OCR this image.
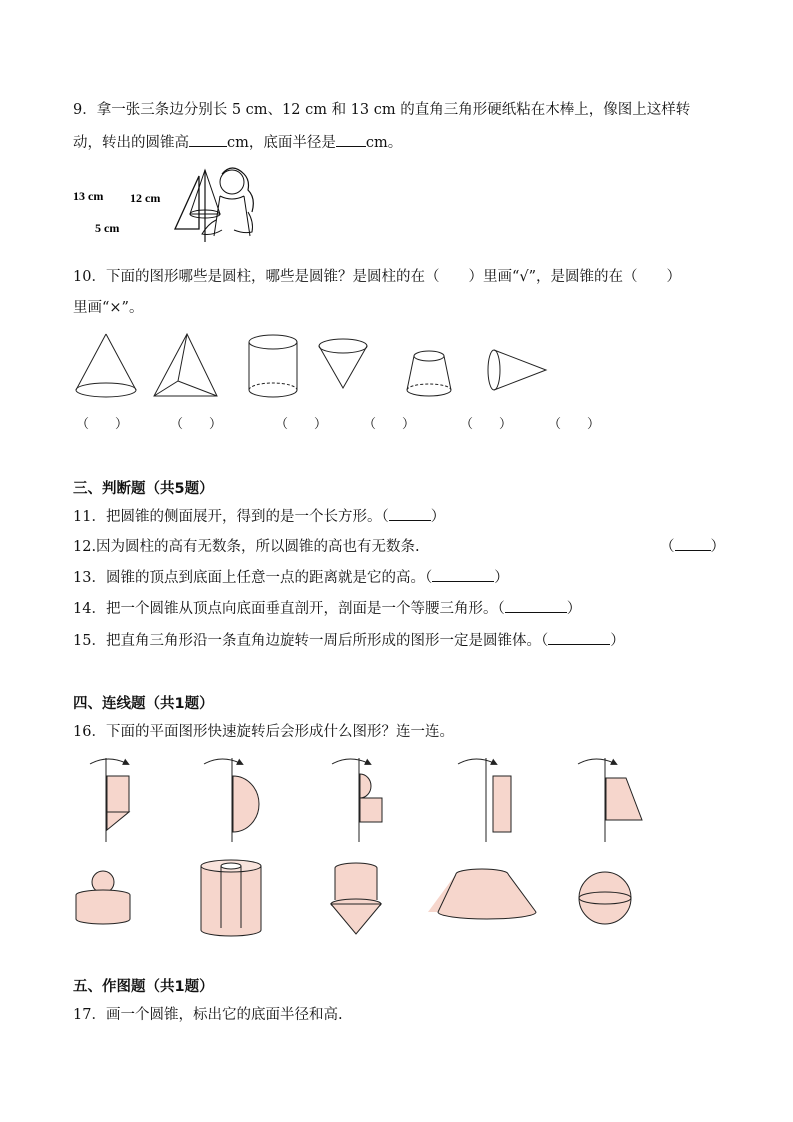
9．拿一张三条边分别长 5 cm、12 cm 和 13 cm 的直角三角形硬纸粘在木棒上，像图上这样转
动，转出的圆锥高	cm，底面半径是 cm。
13 cm 12 cm
5 cm
10．下面的图形哪些是圆柱，哪些是圆锥？是圆柱的在（　　）里画“√”，是圆锥的在（　　）
里画“×”。
（　　）	（　　）	（　　）	（　　）	（　　）	（　　）
三、判断题（共5题）
11．把圆锥的侧面展开，得到的是一个长方形。（	）
12.因为圆柱的高有无数条，所以圆锥的高也有无数条.	（ ）
13．圆锥的顶点到底面上任意一点的距离就是它的高。（	）
14．把一个圆锥从顶点向底面垂直剖开，剖面是一个等腰三角形。（	）
15．把直角三角形沿一条直角边旋转一周后所形成的图形一定是圆锥体。（	）
四、连线题（共1题）
16．下面的平面图形快速旋转后会形成什么图形？连一连。
五、作图题（共1题）
17．画一个圆锥，标出它的底面半径和高.
